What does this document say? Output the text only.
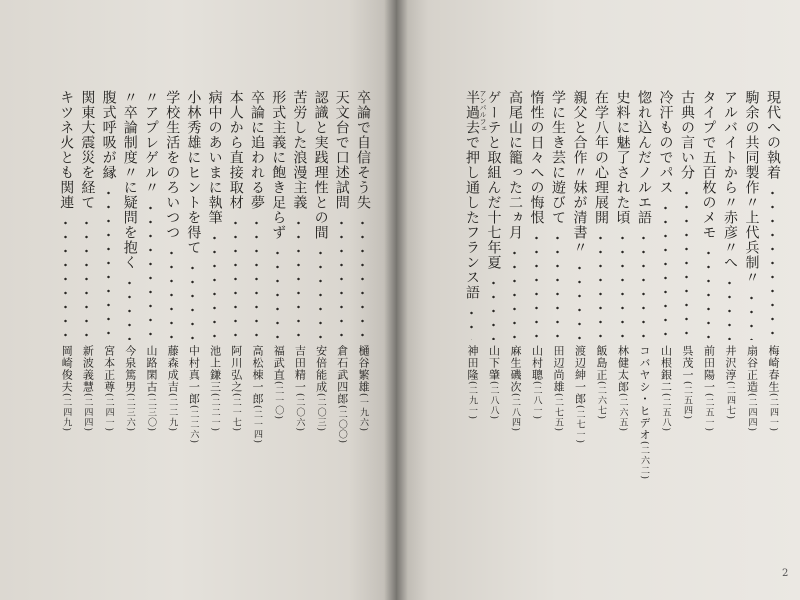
現代への執着
梅崎春生(二四一)
駒余の共同製作〃上代兵制〃
扇谷正造(二四四)
アルバイトから〃赤彦〃へ
井沢淳(二四七)
タイプで五百枚のメモ
前田陽一(二五一)
古典の言い分
呉茂一(二五四)
冷汗ものでパス
山根銀二(二五八)
惚れ込んだノルエ語
コバヤシ・ヒデオ(二六二)
史料に魅了された頃
林健太郎(二六五)
在学八年の心理展開
飯島正(二六七)
親父と合作〃妹が清書〃
渡辺紳一郎(二七一)
学に生き芸に遊びて
田辺尚雄(二七五)
惰性の日々への悔恨
山村聰(二八一)
高尾山に籠った二ヵ月
麻生磯次(二八四)
ゲーテと取組んだ十七年夏
山下肇(二八八)
半過去で押し通したフランス語 アンパルフェ
神田隆(二九一)
卒論で自信そう失
樋谷繁雄(一九六)
天文台で口述試問
倉石武四郎(二〇〇)
認識と実践理性との間
安倍能成(二〇三)
苦労した浪漫主義
吉田精一(二〇六)
形式主義に飽き足らず
福武直(二一〇)
卒論に追われる夢
高松棟一郎(二一四)
本人から直接取材
阿川弘之(二一七)
病中のあいまに執筆
池上鎌三(二二一)
小林秀雄にヒントを得て
中村真一郎(二二六)
学校生活をのろいつつ
藤森成吉(二二九)
〃アプレゲル〃
山路閑古(二三〇)
〃卒論制度〃に疑問を抱く
今泉篤男(二三六)
腹式呼吸が縁
宮本正尊(二四一)
関東大震災を経て
新波義慧(二四四)
キツネ火とも関連
岡崎俊夫(二四九)
2
